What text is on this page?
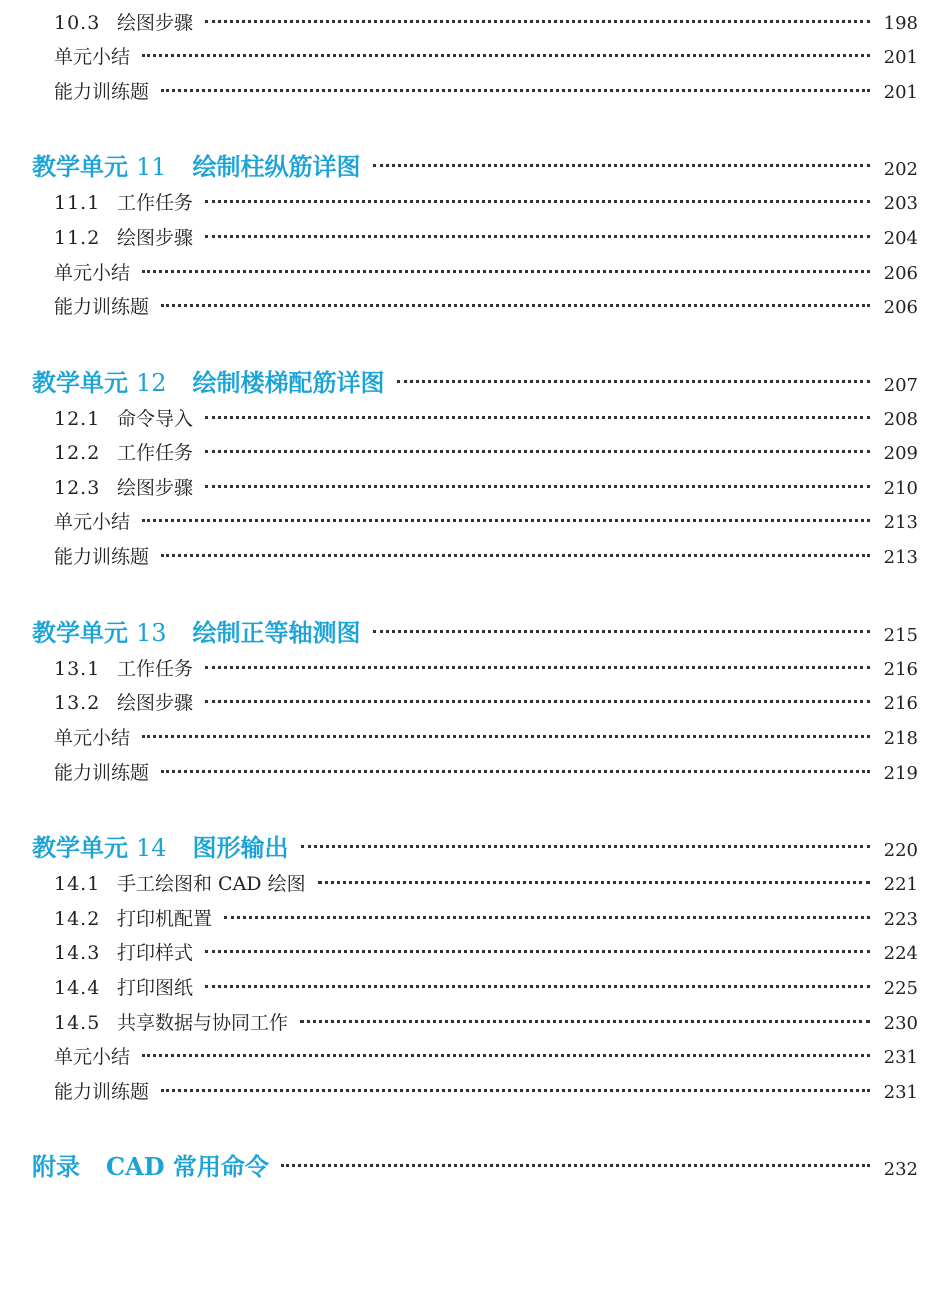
10.3 绘图步骤	198
单元小结	201
能力训练题	201
教学单元 11 绘制柱纵筋详图	202
11.1 工作任务	203
11.2 绘图步骤	204
单元小结	206
能力训练题	206
教学单元 12 绘制楼梯配筋详图	207
12.1 命令导入	208
12.2 工作任务	209
12.3 绘图步骤	210
单元小结	213
能力训练题	213
教学单元 13 绘制正等轴测图	215
13.1 工作任务	216
13.2 绘图步骤	216
单元小结	218
能力训练题	219
教学单元 14 图形输出	220
14.1 手工绘图和 CAD 绘图	221
14.2 打印机配置	223
14.3 打印样式	224
14.4 打印图纸	225
14.5 共享数据与协同工作	230
单元小结	231
能力训练题	231
附录 CAD 常用命令	232
